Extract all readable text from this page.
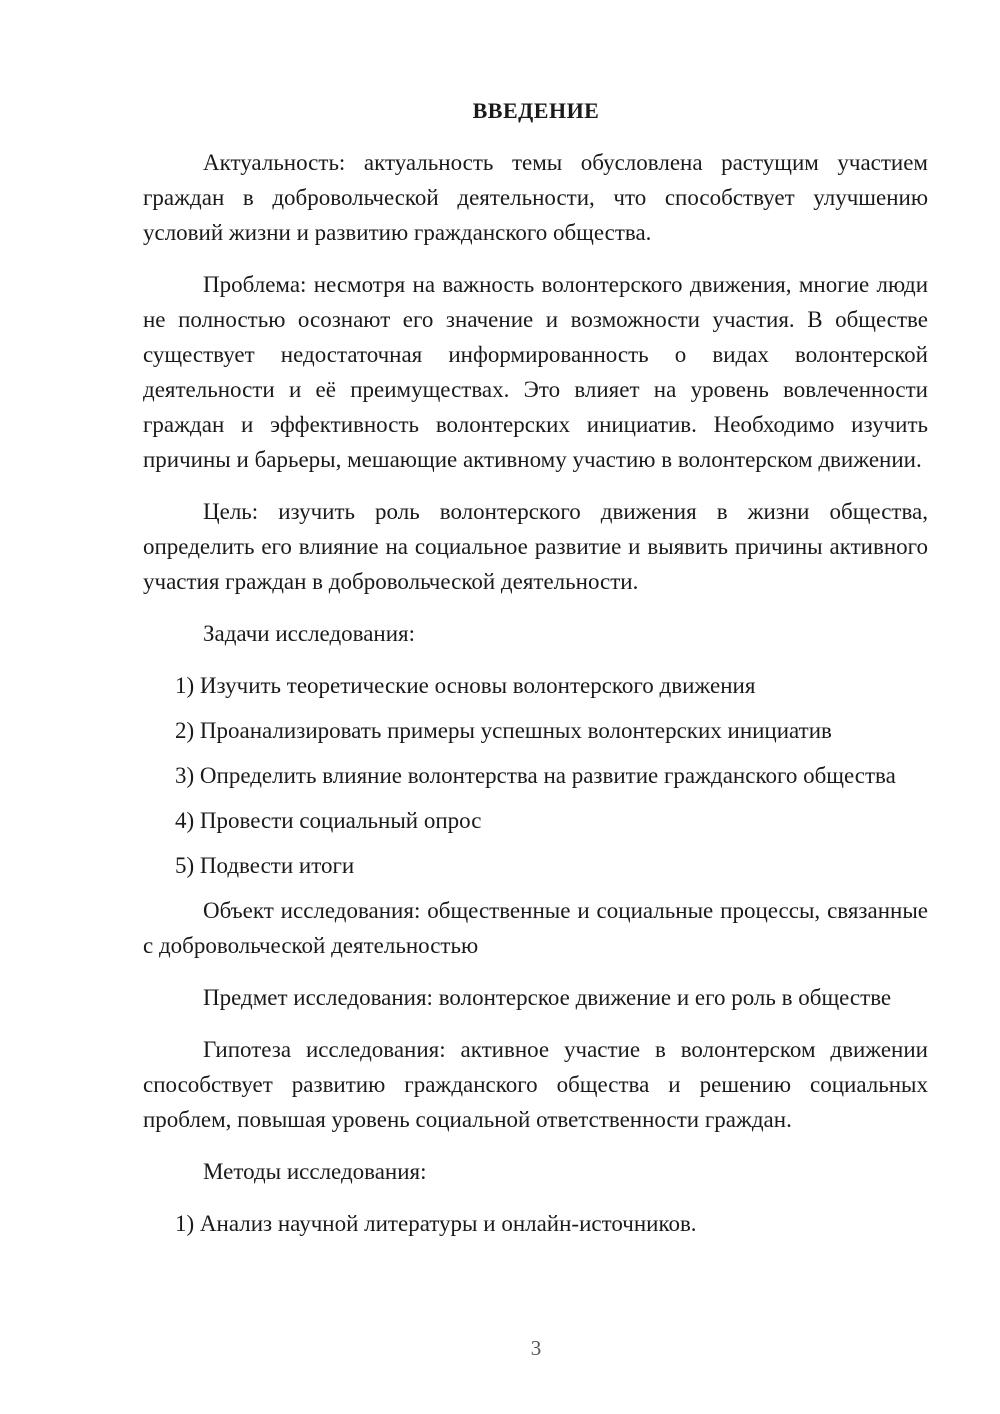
ВВЕДЕНИЕ

Актуальность: актуальность темы обусловлена растущим участием граждан в добровольческой деятельности, что способствует улучшению условий жизни и развитию гражданского общества.

Проблема: несмотря на важность волонтерского движения, многие люди не полностью осознают его значение и возможности участия. В обществе существует недостаточная информированность о видах волонтерской деятельности и её преимуществах. Это влияет на уровень вовлеченности граждан и эффективность волонтерских инициатив. Необходимо изучить причины и барьеры, мешающие активному участию в волонтерском движении.

Цель: изучить роль волонтерского движения в жизни общества, определить его влияние на социальное развитие и выявить причины активного участия граждан в добровольческой деятельности.

Задачи исследования:

1) Изучить теоретические основы волонтерского движения

2) Проанализировать примеры успешных волонтерских инициатив

3) Определить влияние волонтерства на развитие гражданского общества

4) Провести социальный опрос

5) Подвести итоги

Объект исследования: общественные и социальные процессы, связанные с добровольческой деятельностью

Предмет исследования: волонтерское движение и его роль в обществе

Гипотеза исследования: активное участие в волонтерском движении способствует развитию гражданского общества и решению социальных проблем, повышая уровень социальной ответственности граждан.

Методы исследования:

1) Анализ научной литературы и онлайн-источников.

3
